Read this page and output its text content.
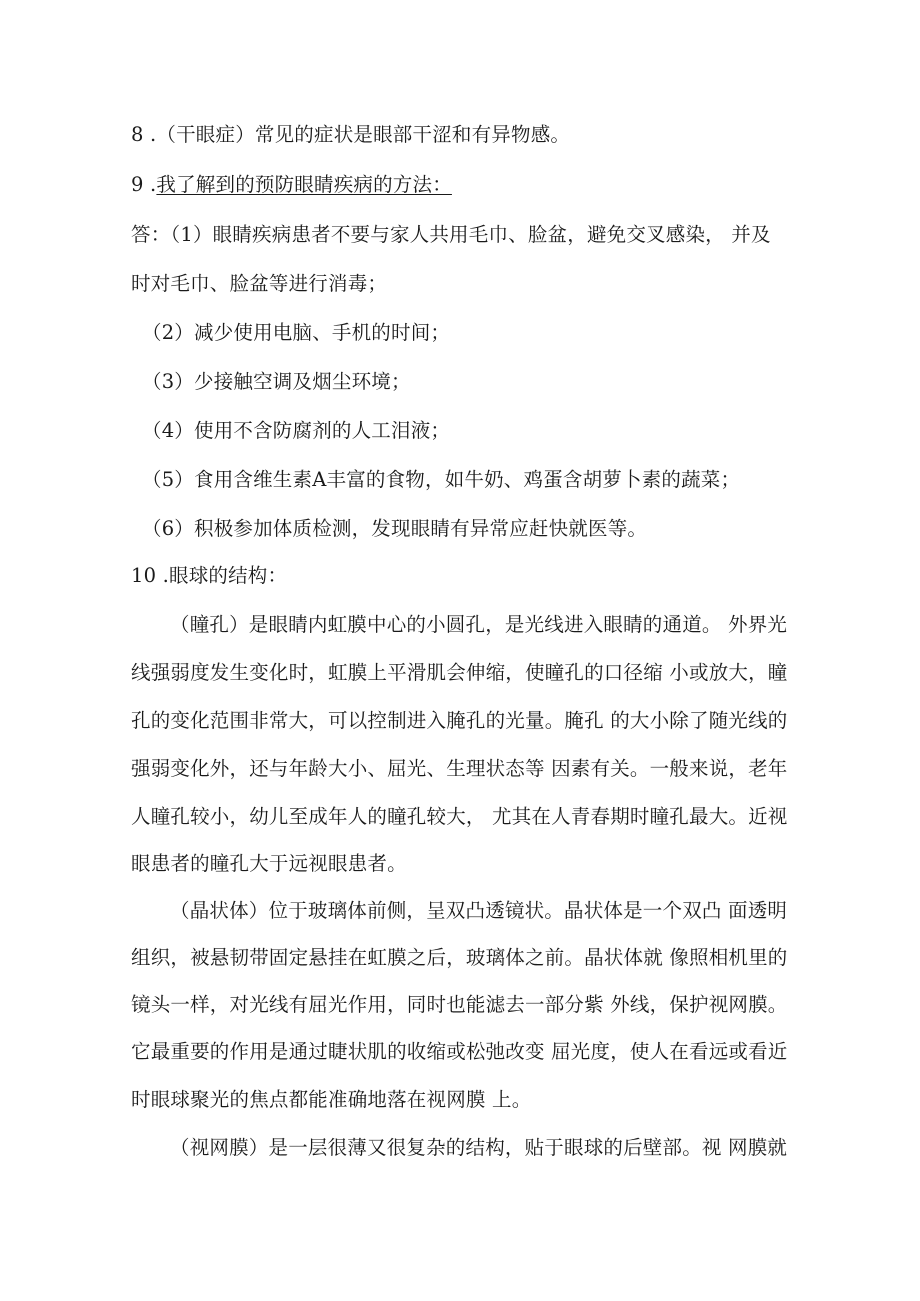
8 .（干眼症）常见的症状是眼部干涩和有异物感。
9 .我了解到的预防眼睛疾病的方法：
答：（1）眼睛疾病患者不要与家人共用毛巾、脸盆，避免交叉感染， 并及
时对毛巾、脸盆等进行消毒；
（2）减少使用电脑、手机的时间；
（3）少接触空调及烟尘环境；
（4）使用不含防腐剂的人工泪液；
（5）食用含维生素A丰富的食物，如牛奶、鸡蛋含胡萝卜素的蔬菜；
（6）积极参加体质检测，发现眼睛有异常应赶快就医等。
10 .眼球的结构：
（瞳孔）是眼睛内虹膜中心的小圆孔，是光线进入眼睛的通道。 外界光
线强弱度发生变化时，虹膜上平滑肌会伸缩，使瞳孔的口径缩 小或放大，瞳
孔的变化范围非常大，可以控制进入腌孔的光量。腌孔 的大小除了随光线的
强弱变化外，还与年龄大小、屈光、生理状态等 因素有关。一般来说，老年
人瞳孔较小，幼儿至成年人的瞳孔较大， 尤其在人青春期时瞳孔最大。近视
眼患者的瞳孔大于远视眼患者。
（晶状体）位于玻璃体前侧，呈双凸透镜状。晶状体是一个双凸 面透明
组织，被悬韧带固定悬挂在虹膜之后，玻璃体之前。晶状体就 像照相机里的
镜头一样，对光线有屈光作用，同时也能滤去一部分紫 外线，保护视网膜。
它最重要的作用是通过睫状肌的收缩或松弛改变 屈光度，使人在看远或看近
时眼球聚光的焦点都能准确地落在视网膜 上。
（视网膜）是一层很薄又很复杂的结构，贴于眼球的后壁部。视 网膜就
